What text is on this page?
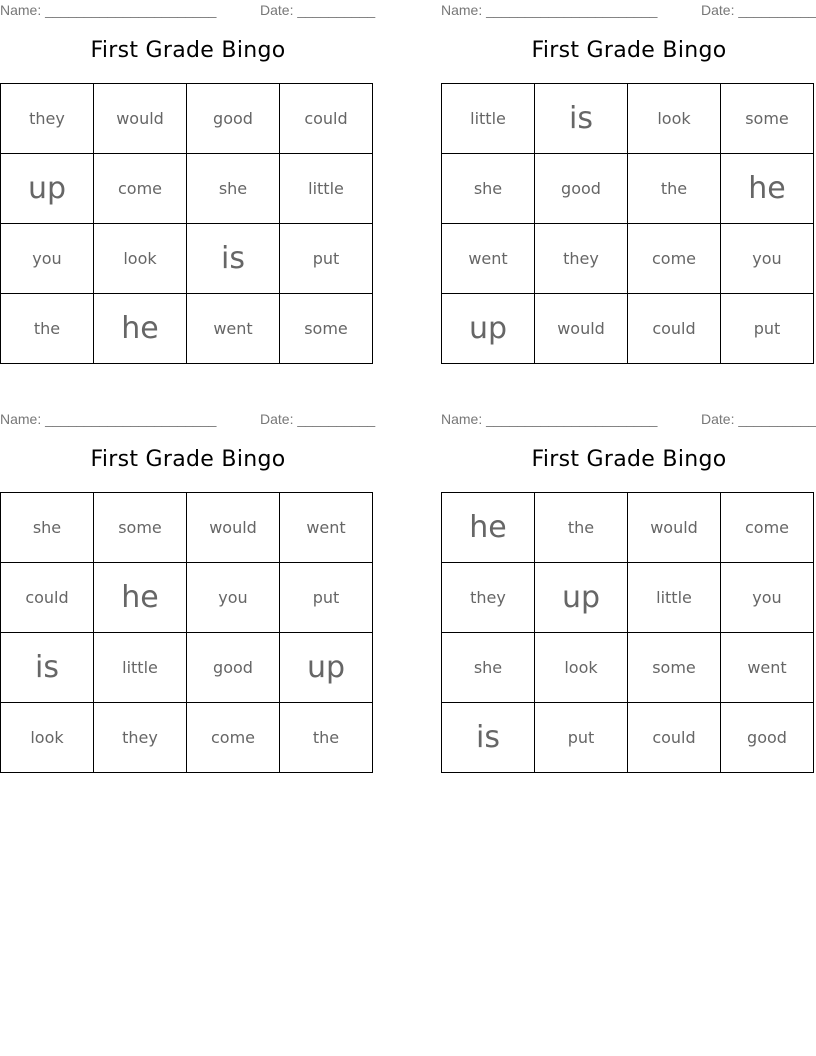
Name: ______________________	Date: __________
First Grade Bingo
they	would	good	could
up	come	she	little
you	look	is	put
the	he	went	some
Name: ______________________	Date: __________
First Grade Bingo
little	is	look	some
she	good	the	he
went	they	come	you
up	would	could	put
Name: ______________________	Date: __________
First Grade Bingo
she	some	would	went
could	he	you	put
is	little	good	up
look	they	come	the
Name: ______________________	Date: __________
First Grade Bingo
he	the	would	come
they	up	little	you
she	look	some	went
is	put	could	good
